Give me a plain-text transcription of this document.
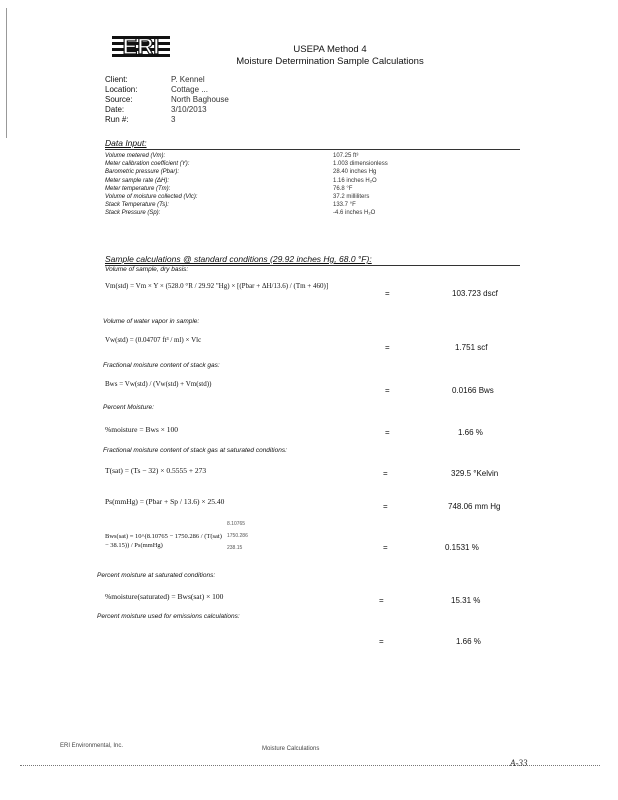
ERI	USEPA Method 4
Moisture Determination Sample Calculations
Client:	P. Kennel
Location:	Cottage ...
Source:	North Baghouse
Date:	3/10/2013
Run #:	3
Data Input:
Volume metered (Vm):	107.25 ft³
Meter calibration coefficient (Y):	1.003 dimensionless
Barometric pressure (Pbar):	28.40 inches Hg
Meter sample rate (ΔH):	1.16 inches H₂O
Meter temperature (Tm):	76.8 °F
Volume of moisture collected (Vlc):	37.2 milliliters
Stack Temperature (Ts):	133.7 °F
Stack Pressure (Sp):	-4.6 inches H₂O
Sample calculations @ standard conditions (29.92 inches Hg, 68.0 °F):
Volume of sample, dry basis:
Vm(std) = Vm × Y × (528.0 °R / 29.92 "Hg) × [(Pbar + ΔH/13.6) / (Tm + 460)]
=	103.723 dscf
Volume of water vapor in sample:
Vw(std) = (0.04707 ft³ / ml) × Vlc
=	1.751 scf
Fractional moisture content of stack gas:
Bws = Vw(std) / (Vw(std) + Vm(std))
=	0.0166 Bws
Percent Moisture:
%moisture = Bws × 100	=	1.66 %
Fractional moisture content of stack gas at saturated conditions:
T(sat) = (Ts − 32) × 0.5555 + 273	=	329.5 °Kelvin
Ps(mmHg) = (Pbar + Sp / 13.6) × 25.40
=	748.06 mm Hg
Bws(sat) = 10^(8.10765 − 1750.286 / (T(sat) − 38.15)) / Ps(mmHg)
8.10765
1750.286
238.15	=	0.1531 %
Percent moisture at saturated conditions:
%moisture(saturated) = Bws(sat) × 100	=	15.31 %
Percent moisture used for emissions calculations:
=	1.66 %
ERI Environmental, Inc.	Moisture Calculations
A-33
